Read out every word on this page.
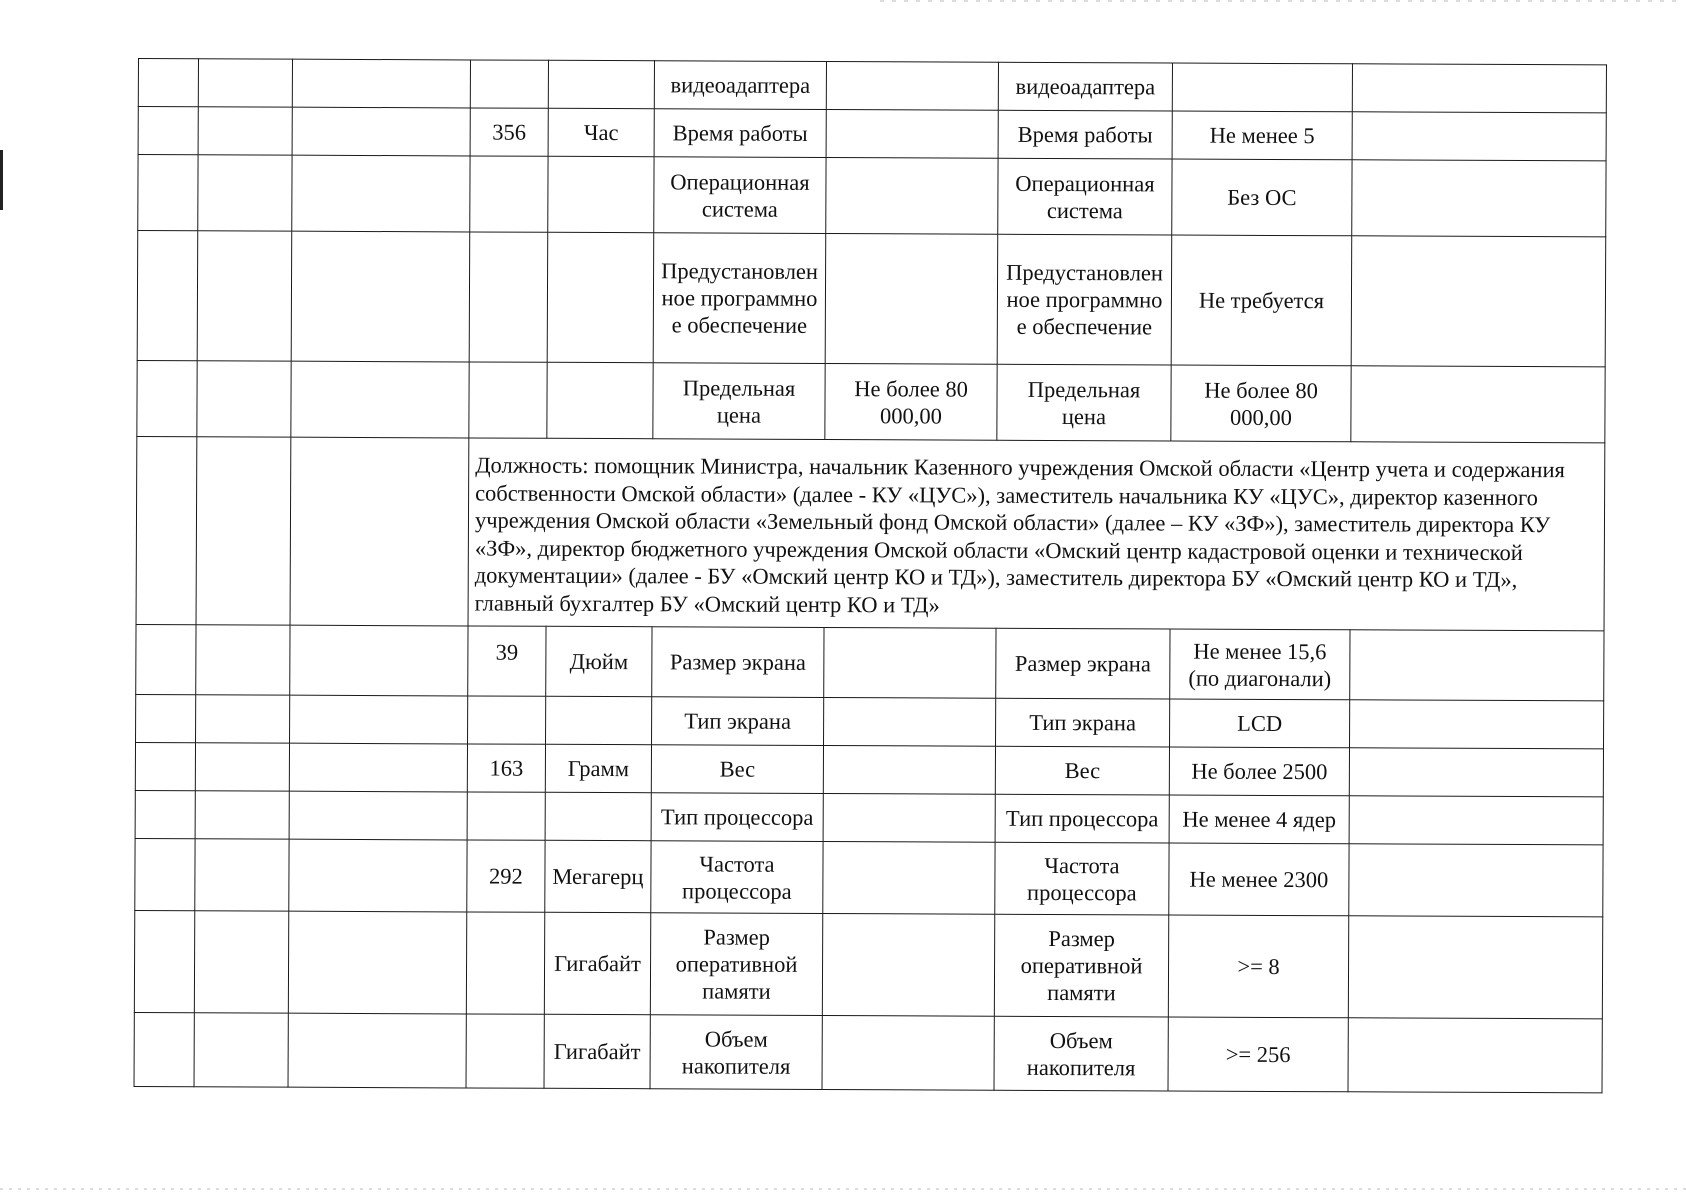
					видеоадаптера		видеоадаптера		
			356	Час	Время работы		Время работы	Не менее 5	
					Операционная система		Операционная система	Без ОС	
					Предустановленное программное обеспечение		Предустановленное программное обеспечение	Не требуется	
					Предельная цена	Не более 80 000,00	Предельная цена	Не более 80 000,00	
			Должность: помощник Министра, начальник Казенного учреждения Омской области «Центр учета и содержания собственности Омской области» (далее - КУ «ЦУС»), заместитель начальника КУ «ЦУС», директор казенного учреждения Омской области «Земельный фонд Омской области» (далее – КУ «ЗФ»), заместитель директора КУ «ЗФ», директор бюджетного учреждения Омской области «Омский центр кадастровой оценки и технической документации» (далее - БУ «Омский центр КО и ТД»), заместитель директора БУ «Омский центр КО и ТД», главный бухгалтер БУ «Омский центр КО и ТД»						
			39	Дюйм	Размер экрана		Размер экрана	Не менее 15,6 (по диагонали)	
					Тип экрана		Тип экрана	LCD	
			163	Грамм	Вес		Вес	Не более 2500	
					Тип процессора		Тип процессора	Не менее 4 ядер	
			292	Мегагерц	Частота процессора		Частота процессора	Не менее 2300	
				Гигабайт	Размер оперативной памяти		Размер оперативной памяти	>= 8	
				Гигабайт	Объем накопителя		Объем накопителя	>= 256	
